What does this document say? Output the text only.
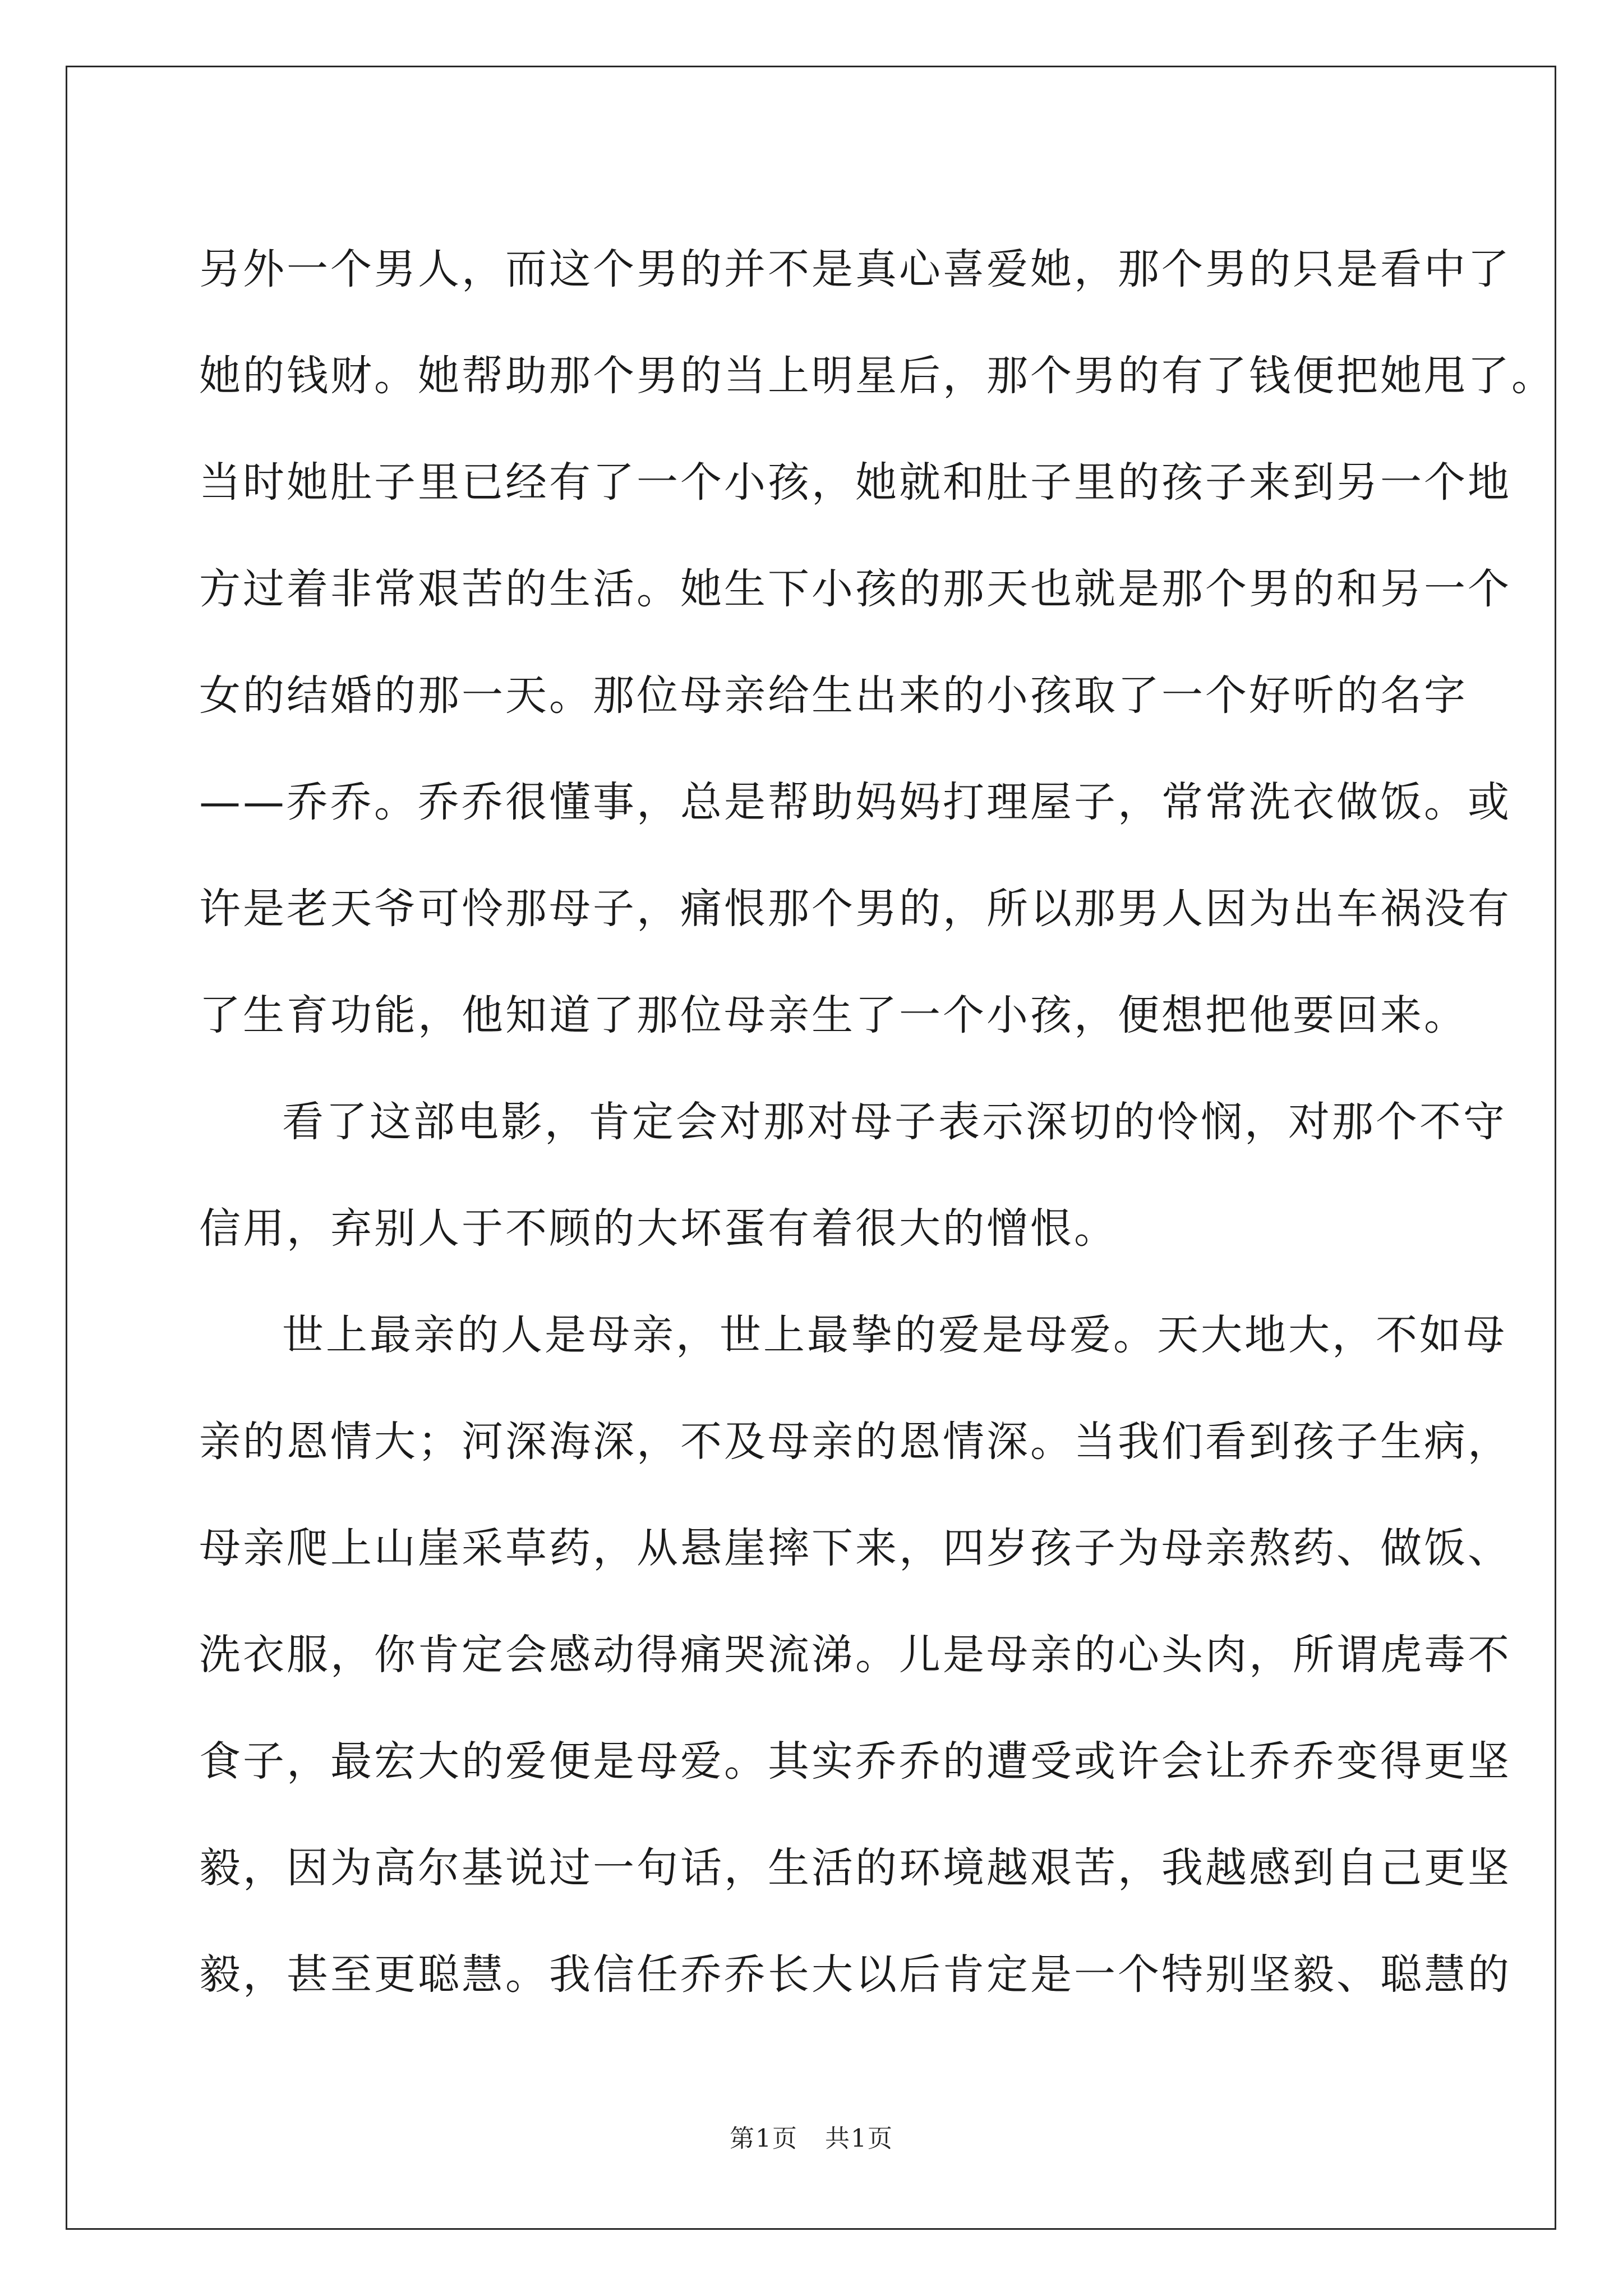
另外一个男人，而这个男的并不是真心喜爱她，那个男的只是看中了
她的钱财。她帮助那个男的当上明星后，那个男的有了钱便把她甩了。
当时她肚子里已经有了一个小孩，她就和肚子里的孩子来到另一个地
方过着非常艰苦的生活。她生下小孩的那天也就是那个男的和另一个
女的结婚的那一天。那位母亲给生出来的小孩取了一个好听的名字
——乔乔。乔乔很懂事，总是帮助妈妈打理屋子，常常洗衣做饭。或
许是老天爷可怜那母子，痛恨那个男的，所以那男人因为出车祸没有
了生育功能，他知道了那位母亲生了一个小孩，便想把他要回来。

看了这部电影，肯定会对那对母子表示深切的怜悯，对那个不守
信用，弃别人于不顾的大坏蛋有着很大的憎恨。

世上最亲的人是母亲，世上最挚的爱是母爱。天大地大，不如母
亲的恩情大；河深海深，不及母亲的恩情深。当我们看到孩子生病，
母亲爬上山崖采草药，从悬崖摔下来，四岁孩子为母亲熬药、做饭、
洗衣服，你肯定会感动得痛哭流涕。儿是母亲的心头肉，所谓虎毒不
食子，最宏大的爱便是母爱。其实乔乔的遭受或许会让乔乔变得更坚
毅，因为高尔基说过一句话，生活的环境越艰苦，我越感到自己更坚
毅，甚至更聪慧。我信任乔乔长大以后肯定是一个特别坚毅、聪慧的

第1页 共1页
